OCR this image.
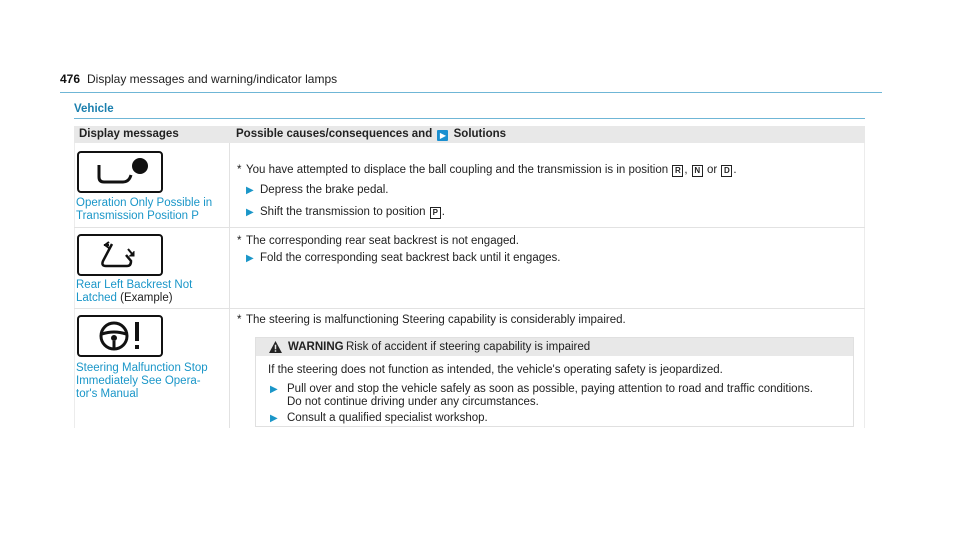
476 Display messages and warning/indicator lamps
Vehicle
Display messages	Possible causes/consequences and ▶ Solutions
Operation Only Possible in
Transmission Position P
* You have attempted to displace the ball coupling and the transmission is in position R , N or D .
▶ Depress the brake pedal.
▶ Shift the transmission to position P .
Rear Left Backrest Not
Latched (Example)
* The corresponding rear seat backrest is not engaged.
▶ Fold the corresponding seat backrest back until it engages.
Steering Malfunction Stop
Immediately See Opera-
tor's Manual
* The steering is malfunctioning Steering capability is considerably impaired.
WARNING Risk of accident if steering capability is impaired
If the steering does not function as intended, the vehicle's operating safety is jeopardized.
▶ Pull over and stop the vehicle safely as soon as possible, paying attention to road and traffic conditions.
Do not continue driving under any circumstances.
▶ Consult a qualified specialist workshop.
